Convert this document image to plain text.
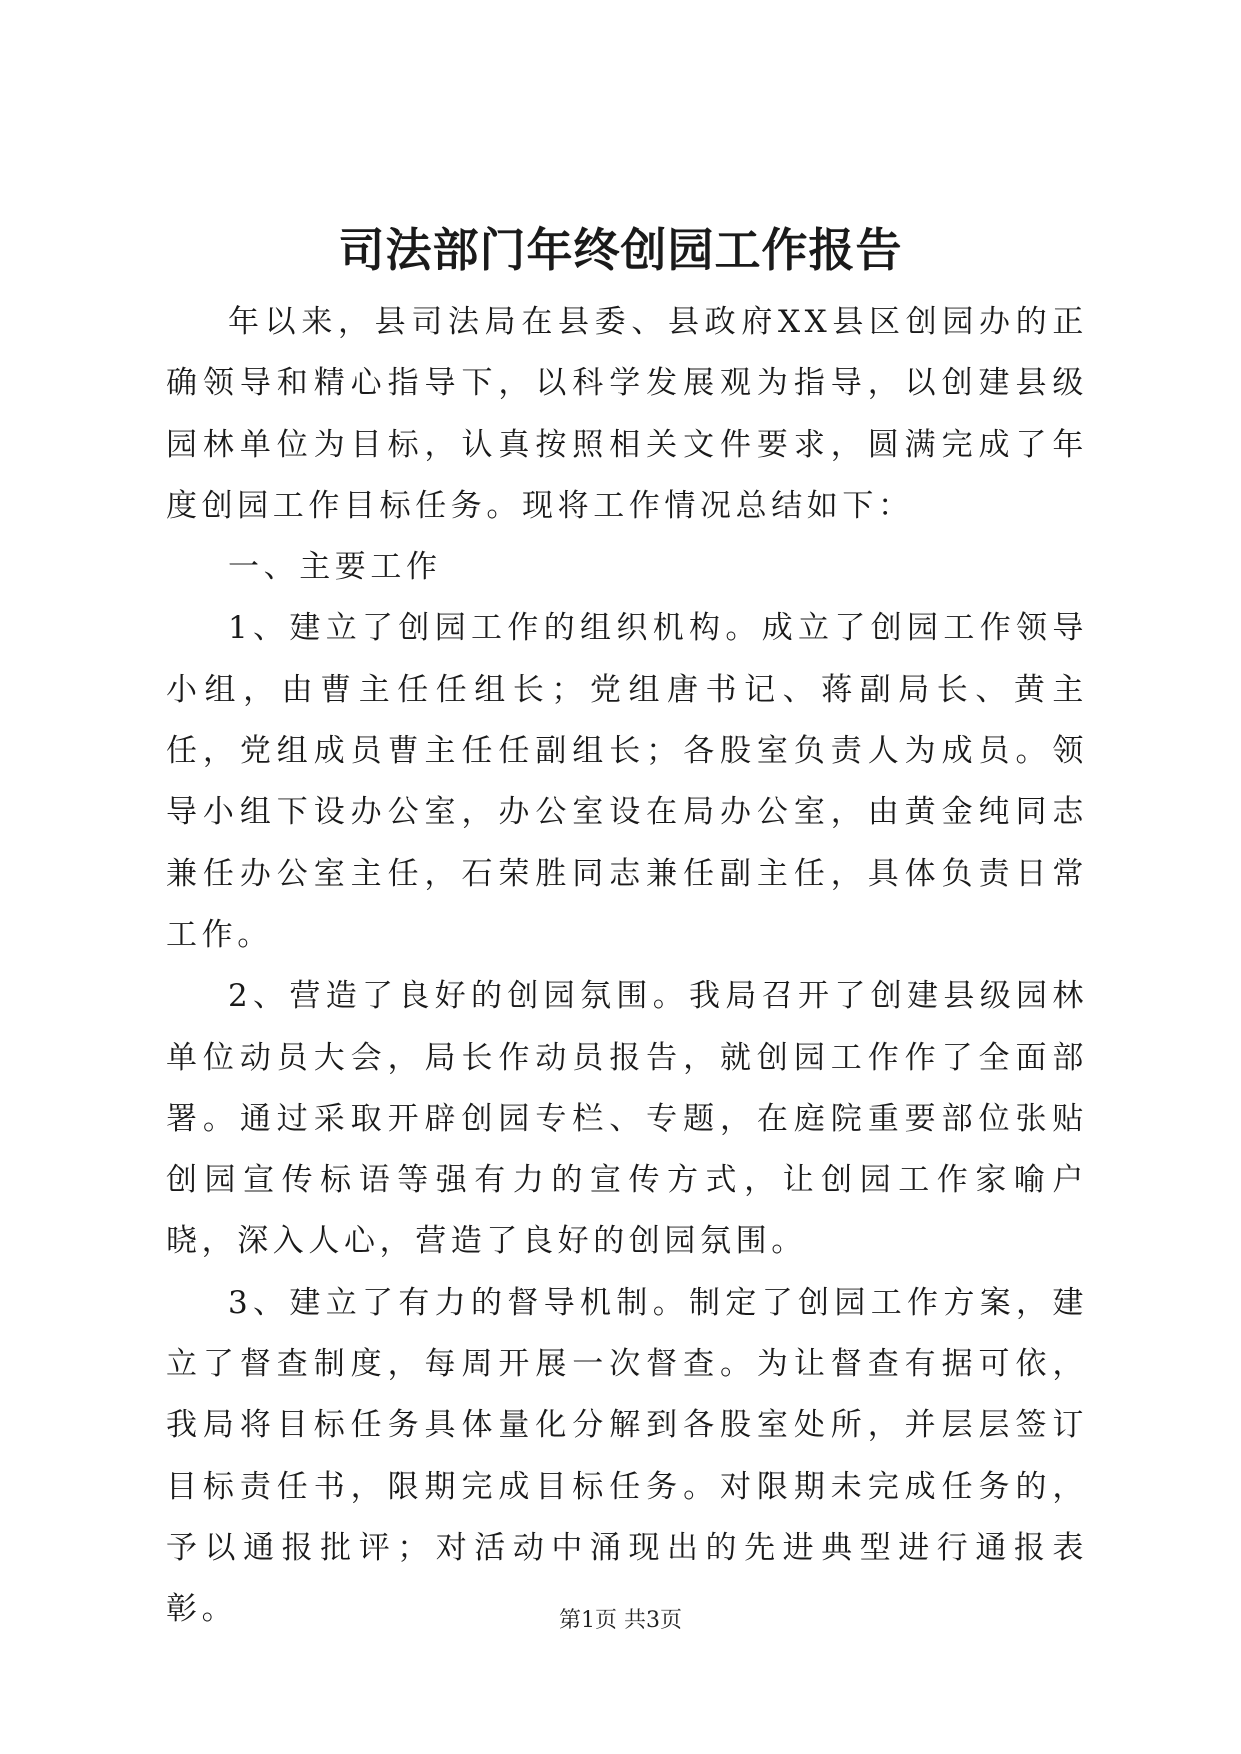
司法部门年终创园工作报告

年以来，县司法局在县委、县政府XX县区创园办的正确领导和精心指导下，以科学发展观为指导，以创建县级园林单位为目标，认真按照相关文件要求，圆满完成了年度创园工作目标任务。现将工作情况总结如下：

一、主要工作

1、建立了创园工作的组织机构。成立了创园工作领导小组，由曹主任任组长；党组唐书记、蒋副局长、黄主任，党组成员曹主任任副组长；各股室负责人为成员。领导小组下设办公室，办公室设在局办公室，由黄金纯同志兼任办公室主任，石荣胜同志兼任副主任，具体负责日常工作。

2、营造了良好的创园氛围。我局召开了创建县级园林单位动员大会，局长作动员报告，就创园工作作了全面部署。通过采取开辟创园专栏、专题，在庭院重要部位张贴创园宣传标语等强有力的宣传方式，让创园工作家喻户晓，深入人心，营造了良好的创园氛围。

3、建立了有力的督导机制。制定了创园工作方案，建立了督查制度，每周开展一次督查。为让督查有据可依，我局将目标任务具体量化分解到各股室处所，并层层签订目标责任书，限期完成目标任务。对限期未完成任务的，予以通报批评；对活动中涌现出的先进典型进行通报表彰。	第1页 共3页
